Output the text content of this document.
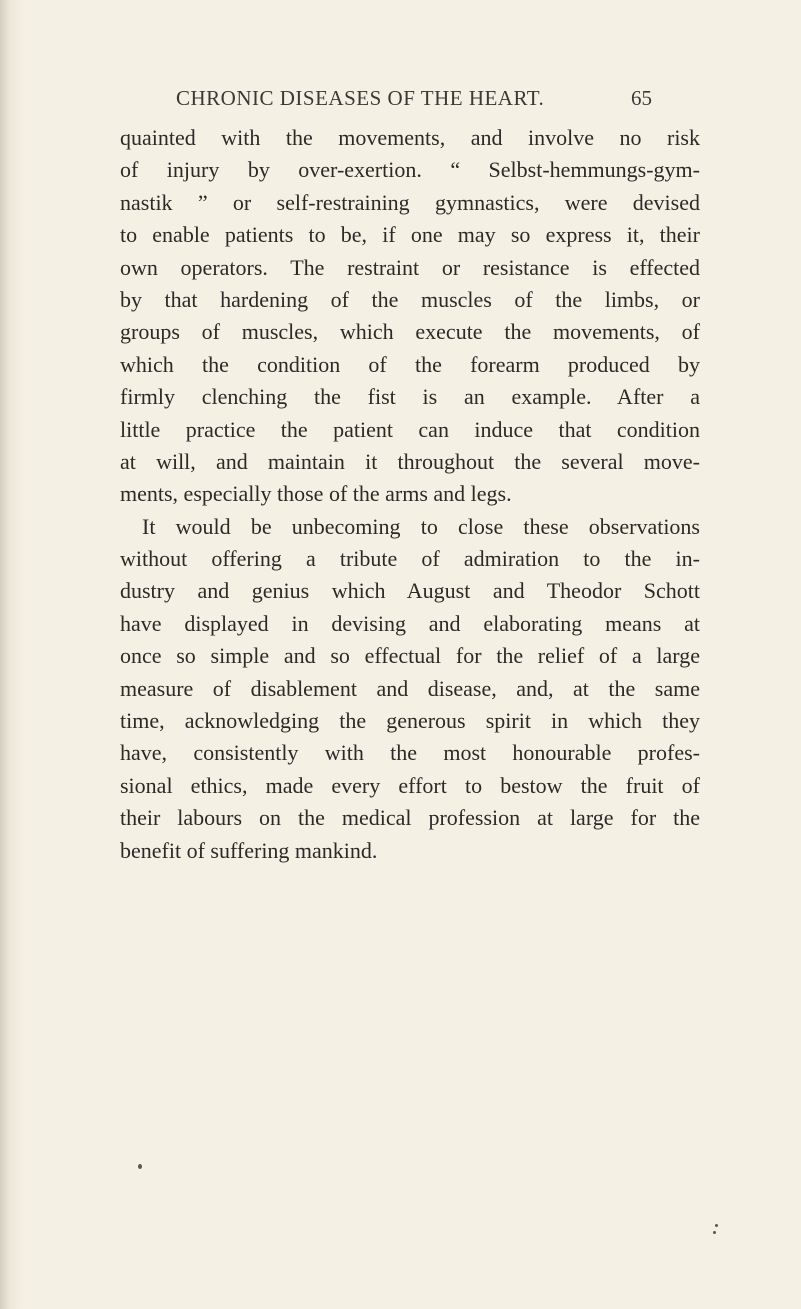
CHRONIC DISEASES OF THE HEART.	65
quainted with the movements, and involve no risk
of injury by over-exertion. “ Selbst-hemmungs-gym-
nastik ” or self-restraining gymnastics, were devised
to enable patients to be, if one may so express it, their
own operators. The restraint or resistance is effected
by that hardening of the muscles of the limbs, or
groups of muscles, which execute the movements, of
which the condition of the forearm produced by
firmly clenching the fist is an example. After a
little practice the patient can induce that condition
at will, and maintain it throughout the several move-
ments, especially those of the arms and legs.
It would be unbecoming to close these observations
without offering a tribute of admiration to the in-
dustry and genius which August and Theodor Schott
have displayed in devising and elaborating means at
once so simple and so effectual for the relief of a large
measure of disablement and disease, and, at the same
time, acknowledging the generous spirit in which they
have, consistently with the most honourable profes-
sional ethics, made every effort to bestow the fruit of
their labours on the medical profession at large for the
benefit of suffering mankind.
